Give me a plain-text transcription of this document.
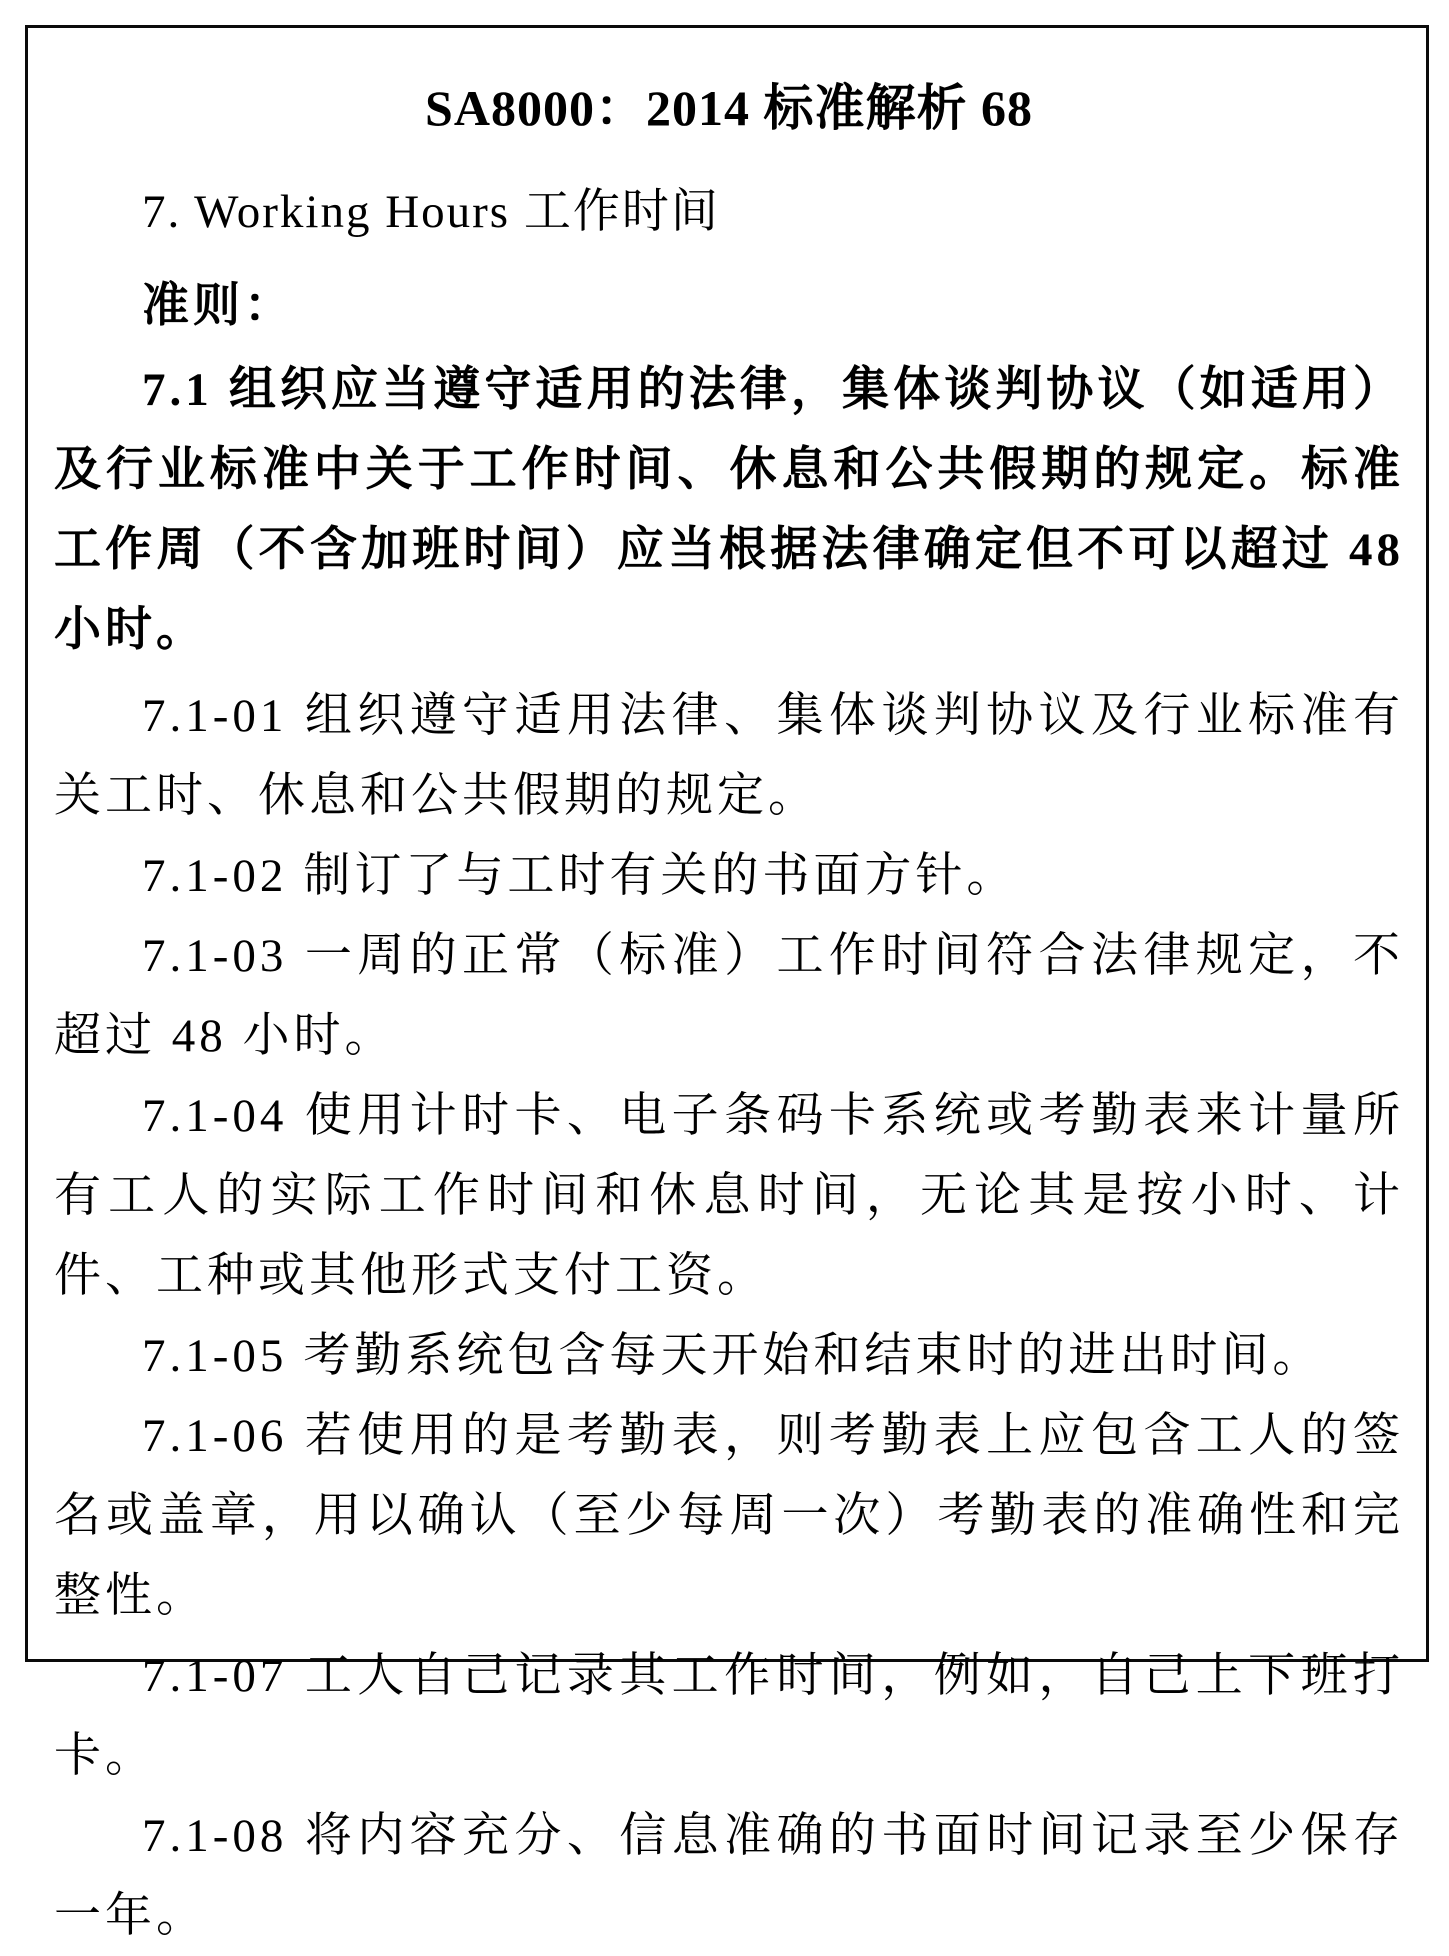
SA8000：2014 标准解析 68

7. Working Hours 工作时间

准则：

7.1 组织应当遵守适用的法律，集体谈判协议（如适用）及行业标准中关于工作时间、休息和公共假期的规定。标准工作周（不含加班时间）应当根据法律确定但不可以超过 48 小时。

7.1-01 组织遵守适用法律、集体谈判协议及行业标准有关工时、休息和公共假期的规定。

7.1-02 制订了与工时有关的书面方针。

7.1-03 一周的正常（标准）工作时间符合法律规定，不超过 48 小时。

7.1-04 使用计时卡、电子条码卡系统或考勤表来计量所有工人的实际工作时间和休息时间，无论其是按小时、计件、工种或其他形式支付工资。

7.1-05 考勤系统包含每天开始和结束时的进出时间。

7.1-06 若使用的是考勤表，则考勤表上应包含工人的签名或盖章，用以确认（至少每周一次）考勤表的准确性和完整性。

7.1-07 工人自己记录其工作时间，例如，自己上下班打卡。

7.1-08 将内容充分、信息准确的书面时间记录至少保存一年。
